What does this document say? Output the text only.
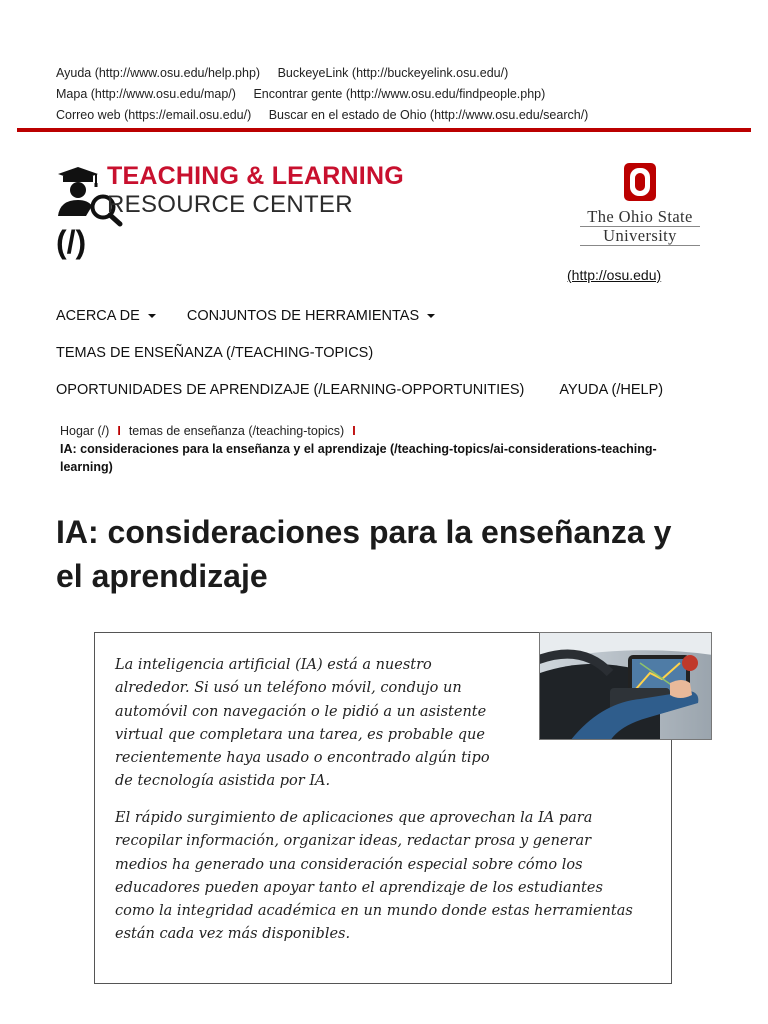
Ayuda (http://www.osu.edu/help.php) BuckeyeLink (http://buckeyelink.osu.edu/)
Mapa (http://www.osu.edu/map/) Encontrar gente (http://www.osu.edu/findpeople.php)
Correo web (https://email.osu.edu/) Buscar en el estado de Ohio (http://www.osu.edu/search/)
TEACHING & LEARNING
RESOURCE CENTER
(/)
The Ohio State
University
(http://osu.edu)
ACERCA DE	CONJUNTOS DE HERRAMIENTAS
TEMAS DE ENSEÑANZA (/TEACHING-TOPICS)
OPORTUNIDADES DE APRENDIZAJE (/LEARNING-OPPORTUNITIES) AYUDA (/HELP)
Hogar (/) I temas de enseñanza (/teaching-topics) I
IA: consideraciones para la enseñanza y el aprendizaje (/teaching-topics/ai-considerations-teaching-learning)
IA: consideraciones para la enseñanza y el aprendizaje

La inteligencia artificial (IA) está a nuestro alrededor. Si usó un teléfono móvil, condujo un automóvil con navegación o le pidió a un asistente virtual que completara una tarea, es probable que recientemente haya usado o encontrado algún tipo de tecnología asistida por IA.

El rápido surgimiento de aplicaciones que aprovechan la IA para recopilar información, organizar ideas, redactar prosa y generar medios ha generado una consideración especial sobre cómo los educadores pueden apoyar tanto el aprendizaje de los estudiantes como la integridad académica en un mundo donde estas herramientas están cada vez más disponibles.
